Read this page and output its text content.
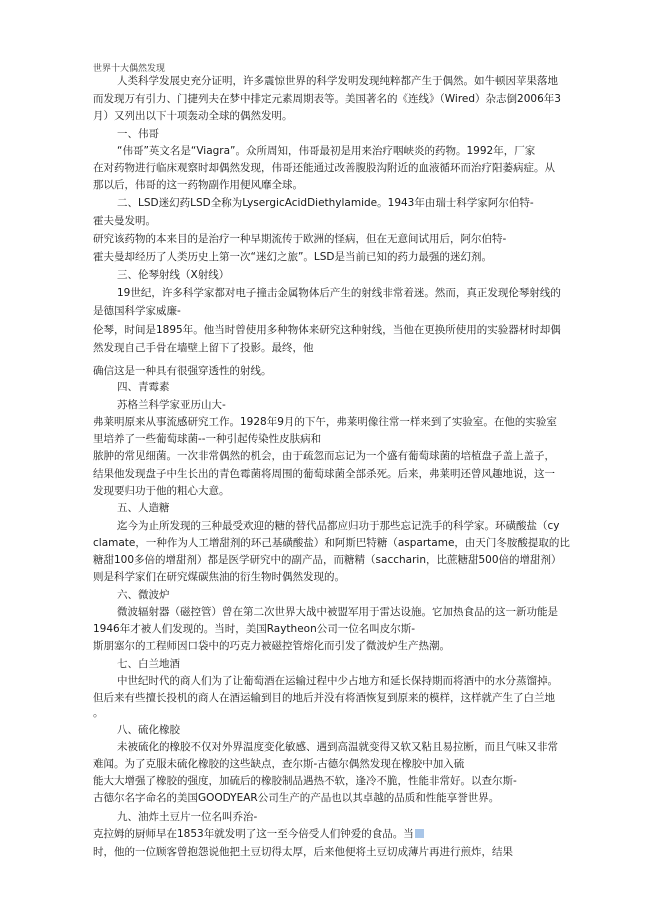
世界十大偶然发现
人类科学发展史充分证明，许多震惊世界的科学发明发现纯粹都产生于偶然。如牛顿因苹果落地
而发现万有引力、门捷列夫在梦中排定元素周期表等。美国著名的《连线》（Wired）杂志倒2006年3
月）又列出以下十项轰动全球的偶然发明。
一、伟哥
“伟哥”英文名是“Viagra”。众所周知，伟哥最初是用来治疗咽峡炎的药物。1992年，厂家
在对药物进行临床观察时却偶然发现，伟哥还能通过改善腹股沟附近的血液循环而治疗阳萎病症。从
那以后，伟哥的这一药物副作用便风靡全球。
二、LSD迷幻药LSD全称为LysergicAcidDiethylamide。1943年由瑞士科学家阿尔伯特-
霍夫曼发明。
研究该药物的本来目的是治疗一种早期流传于欧洲的怪病，但在无意间试用后，阿尔伯特-
霍夫曼却经历了人类历史上第一次“迷幻之旅”。LSD是当前已知的药力最强的迷幻剂。
三、伦琴射线（X射线）
19世纪，许多科学家都对电子撞击金属物体后产生的射线非常着迷。然而，真正发现伦琴射线的
是德国科学家威廉-
伦琴，时间是1895年。他当时曾使用多种物体来研究这种射线，当他在更换所使用的实验器材时却偶
然发现自己手骨在墙壁上留下了投影。最终，他
确信这是一种具有很强穿透性的射线。
四、青霉素
苏格兰科学家亚历山大-
弗莱明原来从事流感研究工作。1928年9月的下午，弗莱明像往常一样来到了实验室。在他的实验室
里培养了一些葡萄球菌--一种引起传染性皮肤病和
脓肿的常见细菌。一次非常偶然的机会，由于疏忽而忘记为一个盛有葡萄球菌的培植盘子盖上盖子，
结果他发现盘子中生长出的青色霉菌将周围的葡萄球菌全部杀死。后来，弗莱明还曾风趣地说，这一
发现要归功于他的粗心大意。
五、人造糖
迄今为止所发现的三种最受欢迎的糖的替代品都应归功于那些忘记洗手的科学家。环磺酸盐（cy
clamate，一种作为人工增甜剂的环己基磺酸盐）和阿斯巴特糖（aspartame，由天门冬胺酸提取的比
糖甜100多倍的增甜剂）都是医学研究中的副产品，而糖精（saccharin，比蔗糖甜500倍的增甜剂）
则是科学家们在研究煤碳焦油的衍生物时偶然发现的。
六、微波炉
微波辐射器（磁控管）曾在第二次世界大战中被盟军用于雷达设施。它加热食品的这一新功能是
1946年才被人们发现的。当时，美国Raytheon公司一位名叫皮尔斯-
斯朋塞尔的工程师因口袋中的巧克力被磁控管熔化而引发了微波炉生产热潮。
七、白兰地酒
中世纪时代的商人们为了让葡萄酒在运输过程中少占地方和延长保持期而将酒中的水分蒸馏掉。
但后来有些擅长投机的商人在酒运输到目的地后并没有将酒恢复到原来的模样，这样就产生了白兰地
。
八、硫化橡胶
未被硫化的橡胶不仅对外界温度变化敏感、遇到高温就变得又软又粘且易拉断，而且气味又非常
难闻。为了克服未硫化橡胶的这些缺点，查尔斯-古德尔偶然发现在橡胶中加入硫
能大大增强了橡胶的强度，加硫后的橡胶制品遇热不软，逢冷不脆，性能非常好。以查尔斯-
古德尔名字命名的美国GOODYEAR公司生产的产品也以其卓越的品质和性能享誉世界。
九、油炸土豆片一位名叫乔治-
克拉姆的厨师早在1853年就发明了这一至今倍受人们钟爱的食品。当
时，他的一位顾客曾抱怨说他把土豆切得太厚，后来他便将土豆切成薄片再进行煎炸，结果
